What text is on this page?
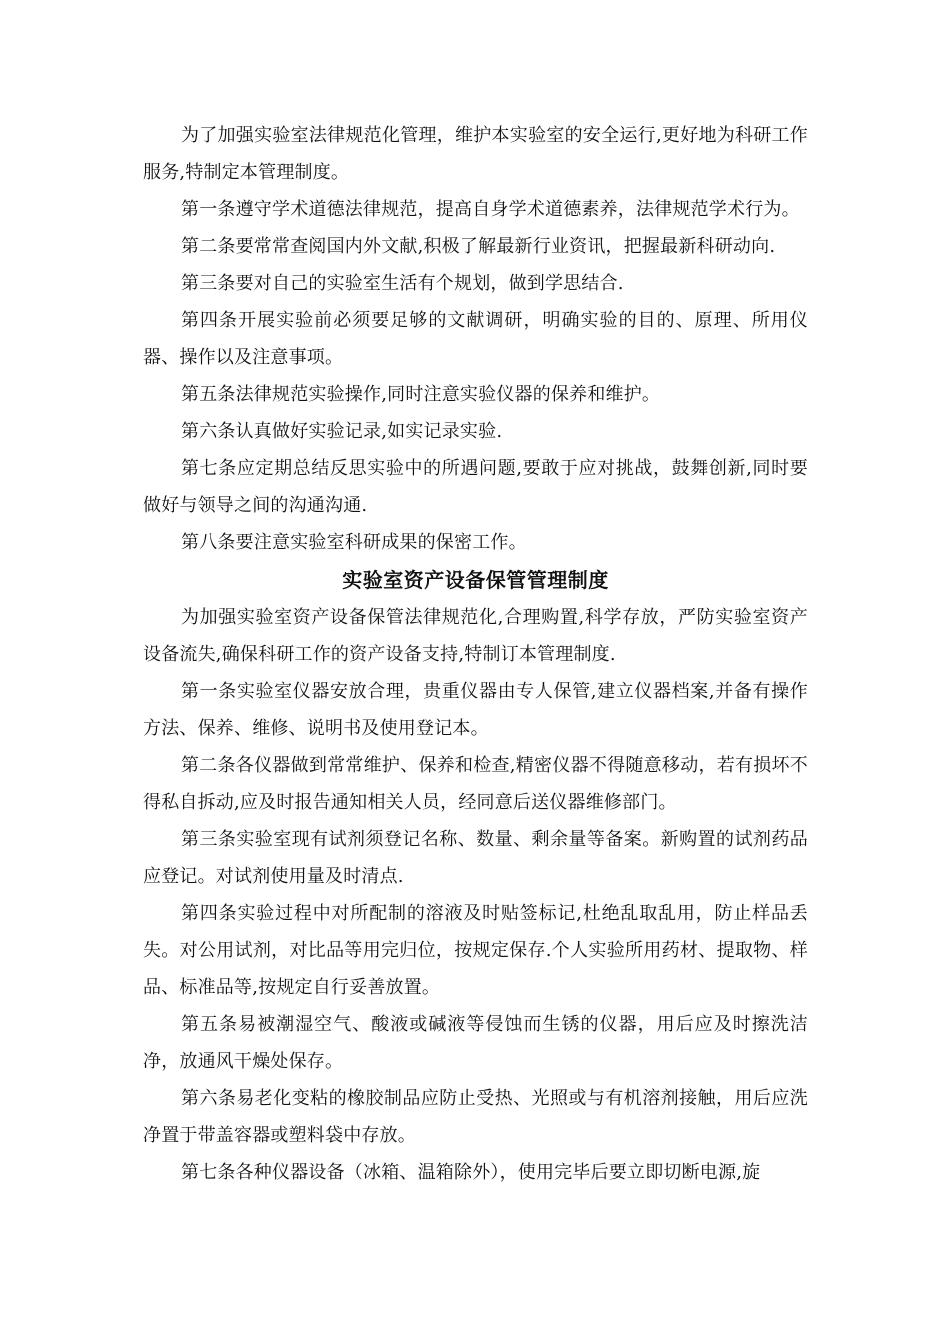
为了加强实验室法律规范化管理，维护本实验室的安全运行,更好地为科研工作服务,特制定本管理制度。

第一条遵守学术道德法律规范，提高自身学术道德素养，法律规范学术行为。

第二条要常常查阅国内外文献,积极了解最新行业资讯，把握最新科研动向.

第三条要对自己的实验室生活有个规划，做到学思结合.

第四条开展实验前必须要足够的文献调研，明确实验的目的、原理、所用仪器、操作以及注意事项。

第五条法律规范实验操作,同时注意实验仪器的保养和维护。

第六条认真做好实验记录,如实记录实验.

第七条应定期总结反思实验中的所遇问题,要敢于应对挑战，鼓舞创新,同时要做好与领导之间的沟通沟通.

第八条要注意实验室科研成果的保密工作。

实验室资产设备保管管理制度

为加强实验室资产设备保管法律规范化,合理购置,科学存放，严防实验室资产设备流失,确保科研工作的资产设备支持,特制订本管理制度.

第一条实验室仪器安放合理，贵重仪器由专人保管,建立仪器档案,并备有操作方法、保养、维修、说明书及使用登记本。

第二条各仪器做到常常维护、保养和检查,精密仪器不得随意移动，若有损坏不得私自拆动,应及时报告通知相关人员，经同意后送仪器维修部门。

第三条实验室现有试剂须登记名称、数量、剩余量等备案。新购置的试剂药品应登记。对试剂使用量及时清点.

第四条实验过程中对所配制的溶液及时贴签标记,杜绝乱取乱用，防止样品丢失。对公用试剂，对比品等用完归位，按规定保存.个人实验所用药材、提取物、样品、标准品等,按规定自行妥善放置。

第五条易被潮湿空气、酸液或碱液等侵蚀而生锈的仪器，用后应及时擦洗洁净，放通风干燥处保存。

第六条易老化变粘的橡胶制品应防止受热、光照或与有机溶剂接触，用后应洗净置于带盖容器或塑料袋中存放。

第七条各种仪器设备（冰箱、温箱除外），使用完毕后要立即切断电源,旋
